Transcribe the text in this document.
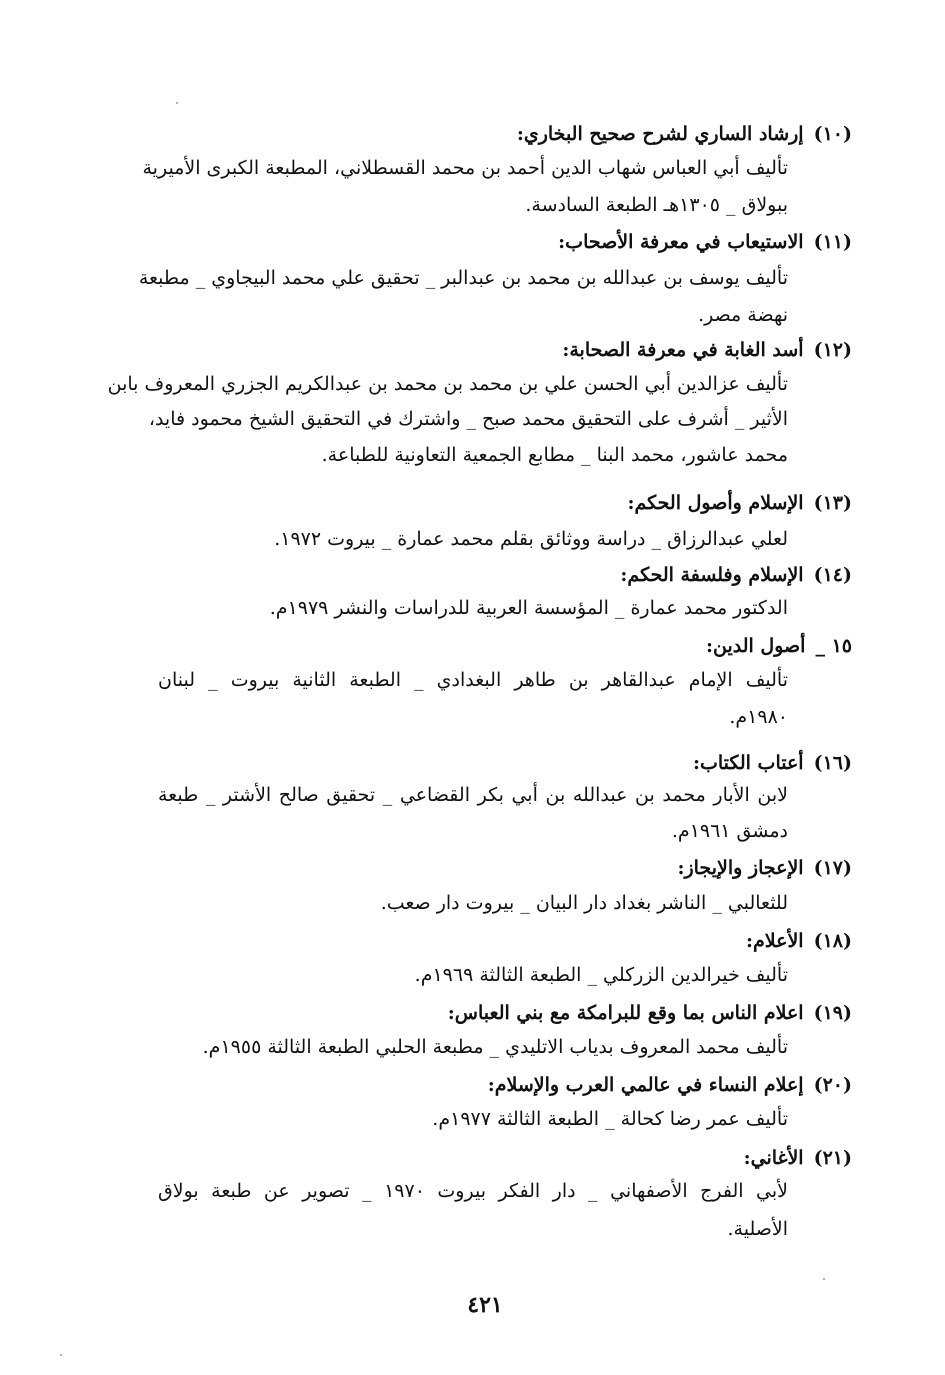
(١٠)إرشاد الساري لشرح صحيح البخاري:
تأليف أبي العباس شهاب الدين أحمد بن محمد القسطلاني، المطبعة الكبرى الأميرية
ببولاق _ ١٣٠٥هـ الطبعة السادسة.
(١١)الاستيعاب في معرفة الأصحاب:
تأليف يوسف بن عبدالله بن محمد بن عبدالبر _ تحقيق علي محمد البيجاوي _ مطبعة
نهضة مصر.
(١٢)أسد الغابة في معرفة الصحابة:
تأليف عزالدين أبي الحسن علي بن محمد بن محمد بن عبدالكريم الجزري المعروف بابن
الأثير _ أشرف على التحقيق محمد صبح _ واشترك في التحقيق الشيخ محمود فايد،
محمد عاشور، محمد البنا _ مطابع الجمعية التعاونية للطباعة.
(١٣)الإسلام وأصول الحكم:
لعلي عبدالرزاق _ دراسة ووثائق بقلم محمد عمارة _ بيروت ١٩٧٢.
(١٤)الإسلام وفلسفة الحكم:
الدكتور محمد عمارة _ المؤسسة العربية للدراسات والنشر ١٩٧٩م.
١٥ _أصول الدين:
تأليف الإمام عبدالقاهر بن طاهر البغدادي _ الطبعة الثانية بيروت _ لبنان
١٩٨٠م.
(١٦)أعتاب الكتاب:
لابن الأبار محمد بن عبدالله بن أبي بكر القضاعي _ تحقيق صالح الأشتر _ طبعة
دمشق ١٩٦١م.
(١٧)الإعجاز والإيجاز:
للثعالبي _ الناشر بغداد دار البيان _ بيروت دار صعب.
(١٨)الأعلام:
تأليف خيرالدين الزركلي _ الطبعة الثالثة ١٩٦٩م.
(١٩)اعلام الناس بما وقع للبرامكة مع بني العباس:
تأليف محمد المعروف بدياب الاتليدي _ مطبعة الحلبي الطبعة الثالثة ١٩٥٥م.
(٢٠)إعلام النساء في عالمي العرب والإسلام:
تأليف عمر رضا كحالة _ الطبعة الثالثة ١٩٧٧م.
(٢١)الأغاني:
لأبي الفرج الأصفهاني _ دار الفكر بيروت ١٩٧٠ _ تصوير عن طبعة بولاق
الأصلية.
٤٢١
